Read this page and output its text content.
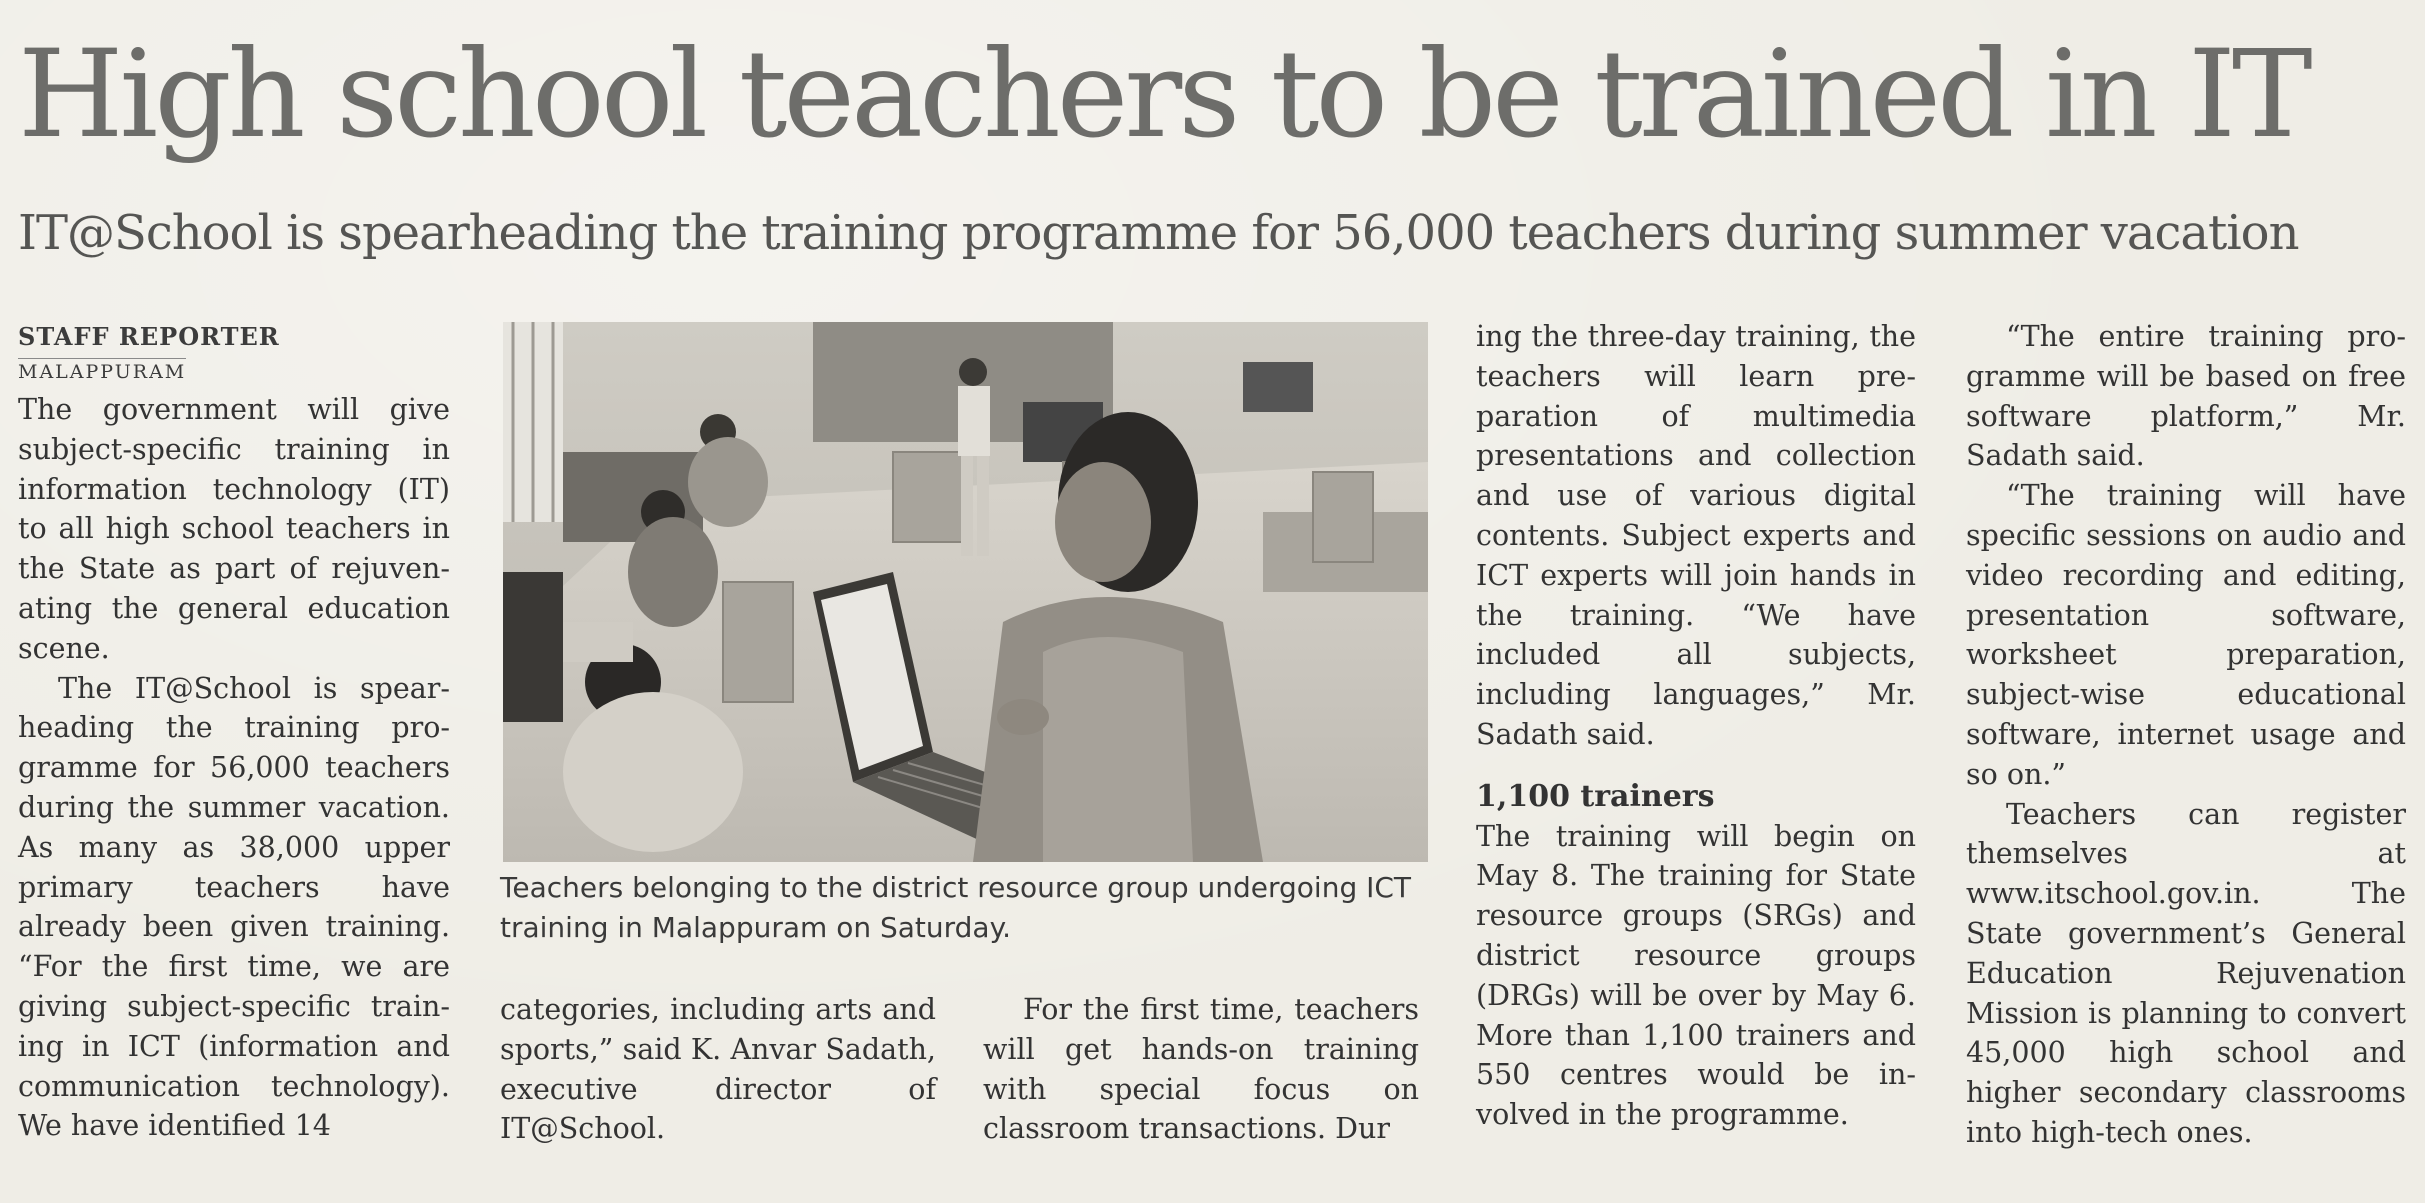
High school teachers to be trained in IT
IT@School is spearheading the training programme for 56,000 teachers during summer vacation
STAFF REPORTER
MALAPPURAM

The government will give subject-specific training in information technology (IT) to all high school teachers in the State as part of rejuvenating the general education scene.

The IT@School is spearheading the training programme for 56,000 teachers during the summer vacation. As many as 38,000 upper primary teachers have already been given training. “For the first time, we are giving subject-specific training in ICT (information and communication technology). We have identified 14

Teachers belonging to the district resource group undergoing ICT training in Malappuram on Saturday.

categories, including arts and sports,” said K. Anvar Sadath, executive director of IT@School.

For the first time, teachers will get hands-on training with special focus on classroom transactions. Dur

ing the three-day training, the teachers will learn preparation of multimedia presentations and collection and use of various digital contents. Subject experts and ICT experts will join hands in the training. “We have included all subjects, including languages,” Mr. Sadath said.

1,100 trainers

The training will begin on May 8. The training for State resource groups (SRGs) and district resource groups (DRGs) will be over by May 6. More than 1,100 trainers and 550 centres would be involved in the programme.

“The entire training programme will be based on free software platform,” Mr. Sadath said.

“The training will have specific sessions on audio and video recording and editing, presentation software, worksheet preparation, subject-wise educational software, internet usage and so on.”

Teachers can register themselves at www.itschool.gov.in. The State government’s General Education Rejuvenation Mission is planning to convert 45,000 high school and higher secondary classrooms into high-tech ones.
